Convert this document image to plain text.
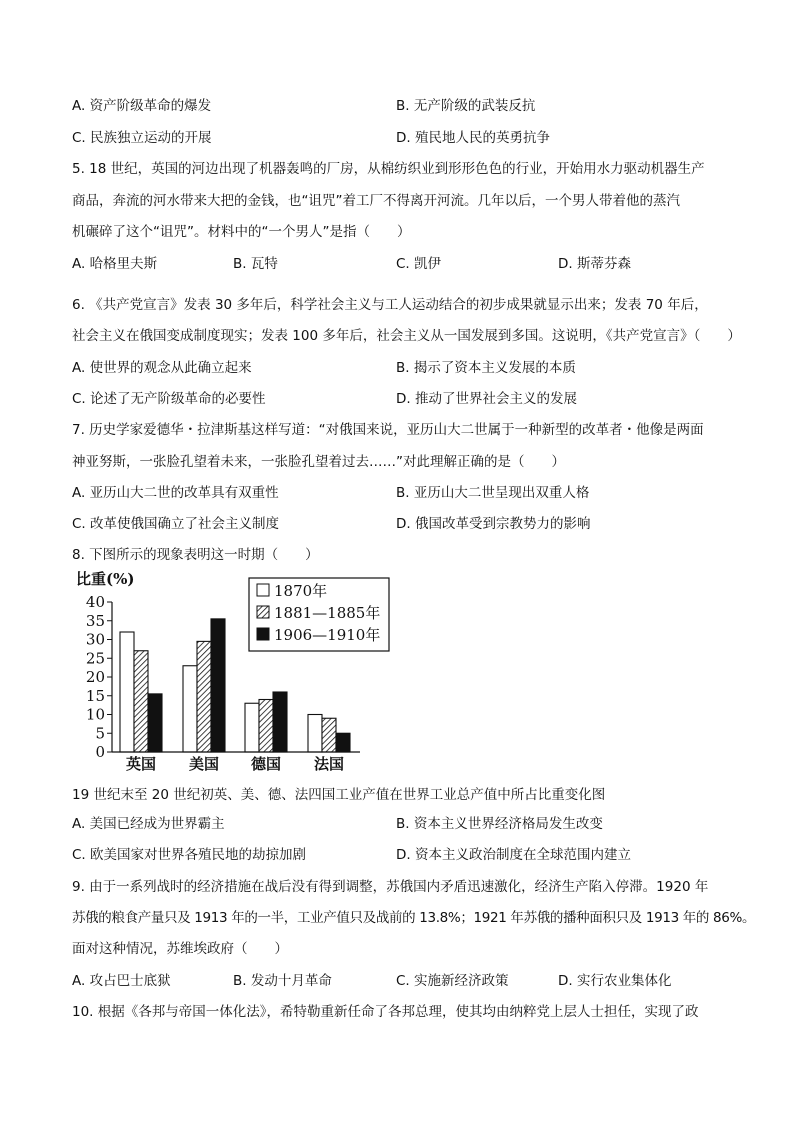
A. 资产阶级革命的爆发	B. 无产阶级的武装反抗
C. 民族独立运动的开展	D. 殖民地人民的英勇抗争
5. 18 世纪，英国的河边出现了机器轰鸣的厂房，从棉纺织业到形形色色的行业，开始用水力驱动机器生产
商品，奔流的河水带来大把的金钱，也“诅咒”着工厂不得离开河流。几年以后，一个男人带着他的蒸汽
机碾碎了这个“诅咒”。材料中的“一个男人”是指（　　）
A. 哈格里夫斯	B. 瓦特	C. 凯伊	D. 斯蒂芬森
6. 《共产党宣言》发表 30 多年后，科学社会主义与工人运动结合的初步成果就显示出来；发表 70 年后，
社会主义在俄国变成制度现实；发表 100 多年后，社会主义从一国发展到多国。这说明，《共产党宣言》（　　）
A. 使世界的观念从此确立起来	B. 揭示了资本主义发展的本质
C. 论述了无产阶级革命的必要性	D. 推动了世界社会主义的发展
7. 历史学家爱德华・拉津斯基这样写道：“对俄国来说，亚历山大二世属于一种新型的改革者・他像是两面
神亚努斯，一张脸孔望着未来，一张脸孔望着过去……”对此理解正确的是（　　）
A. 亚历山大二世的改革具有双重性	B. 亚历山大二世呈现出双重人格
C. 改革使俄国确立了社会主义制度	D. 俄国改革受到宗教势力的影响
8. 下图所示的现象表明这一时期（　　）
比重(%)
0
5
10
15
20
25
30
35
40
英国 美国 德国 法国
1870年
1881—1885年
1906—1910年
19 世纪末至 20 世纪初英、美、德、法四国工业产值在世界工业总产值中所占比重变化图
A. 美国已经成为世界霸主	B. 资本主义世界经济格局发生改变
C. 欧美国家对世界各殖民地的劫掠加剧	D. 资本主义政治制度在全球范围内建立
9. 由于一系列战时的经济措施在战后没有得到调整，苏俄国内矛盾迅速激化，经济生产陷入停滞。1920 年
苏俄的粮食产量只及 1913 年的一半，工业产值只及战前的 13.8%；1921 年苏俄的播种面积只及 1913 年的 86%。
面对这种情况，苏维埃政府（　　）
A. 攻占巴士底狱	B. 发动十月革命	C. 实施新经济政策	D. 实行农业集体化
10. 根据《各邦与帝国一体化法》，希特勒重新任命了各邦总理，使其均由纳粹党上层人士担任，实现了政
